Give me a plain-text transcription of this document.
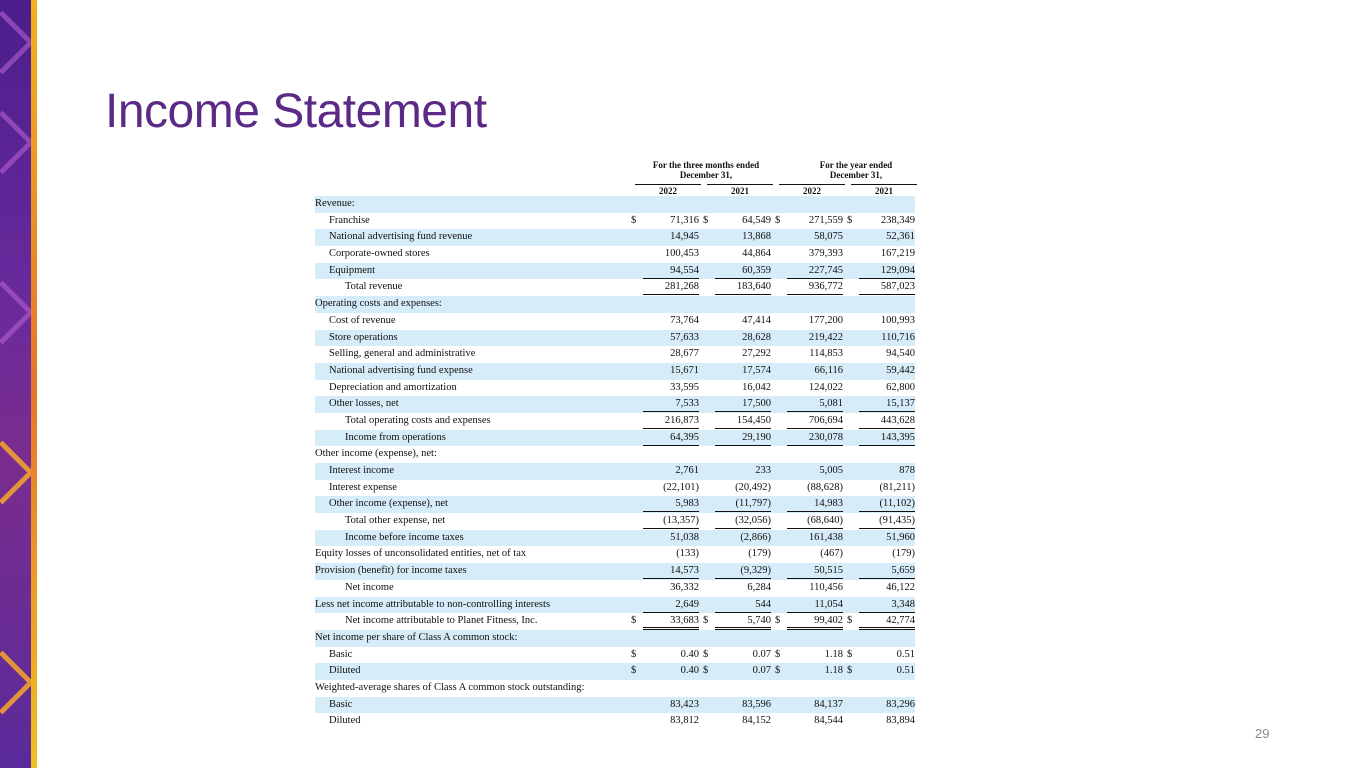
Income Statement
For the three months ended
December 31,
For the year ended
December 31,
2022	2021	2022	2021
Revenue:
Franchise	$	71,316 $	64,549 $	271,559 $	238,349
National advertising fund revenue	14,945	13,868	58,075	52,361
Corporate-owned stores	100,453	44,864	379,393	167,219
Equipment	94,554	60,359	227,745	129,094
Total revenue	281,268	183,640	936,772	587,023
Operating costs and expenses:
Cost of revenue	73,764	47,414	177,200	100,993
Store operations	57,633	28,628	219,422	110,716
Selling, general and administrative	28,677	27,292	114,853	94,540
National advertising fund expense	15,671	17,574	66,116	59,442
Depreciation and amortization	33,595	16,042	124,022	62,800
Other losses, net	7,533	17,500	5,081	15,137
Total operating costs and expenses	216,873	154,450	706,694	443,628
Income from operations	64,395	29,190	230,078	143,395
Other income (expense), net:
Interest income	2,761	233	5,005	878
Interest expense	(22,101)	(20,492)	(88,628)	(81,211)
Other income (expense), net	5,983	(11,797)	14,983	(11,102)
Total other expense, net	(13,357)	(32,056)	(68,640)	(91,435)
Income before income taxes	51,038	(2,866)	161,438	51,960
Equity losses of unconsolidated entities, net of tax	(133)	(179)	(467)	(179)
Provision (benefit) for income taxes	14,573	(9,329)	50,515	5,659
Net income	36,332	6,284	110,456	46,122
Less net income attributable to non-controlling interests	2,649	544	11,054	3,348
Net income attributable to Planet Fitness, Inc.	$	33,683 $	5,740 $	99,402 $	42,774
Net income per share of Class A common stock:
Basic	$	0.40 $	0.07 $	1.18 $	0.51
Diluted	$	0.40 $	0.07 $	1.18 $	0.51
Weighted-average shares of Class A common stock outstanding:
Basic	83,423	83,596	84,137	83,296
Diluted	83,812	84,152	84,544	83,894
29
